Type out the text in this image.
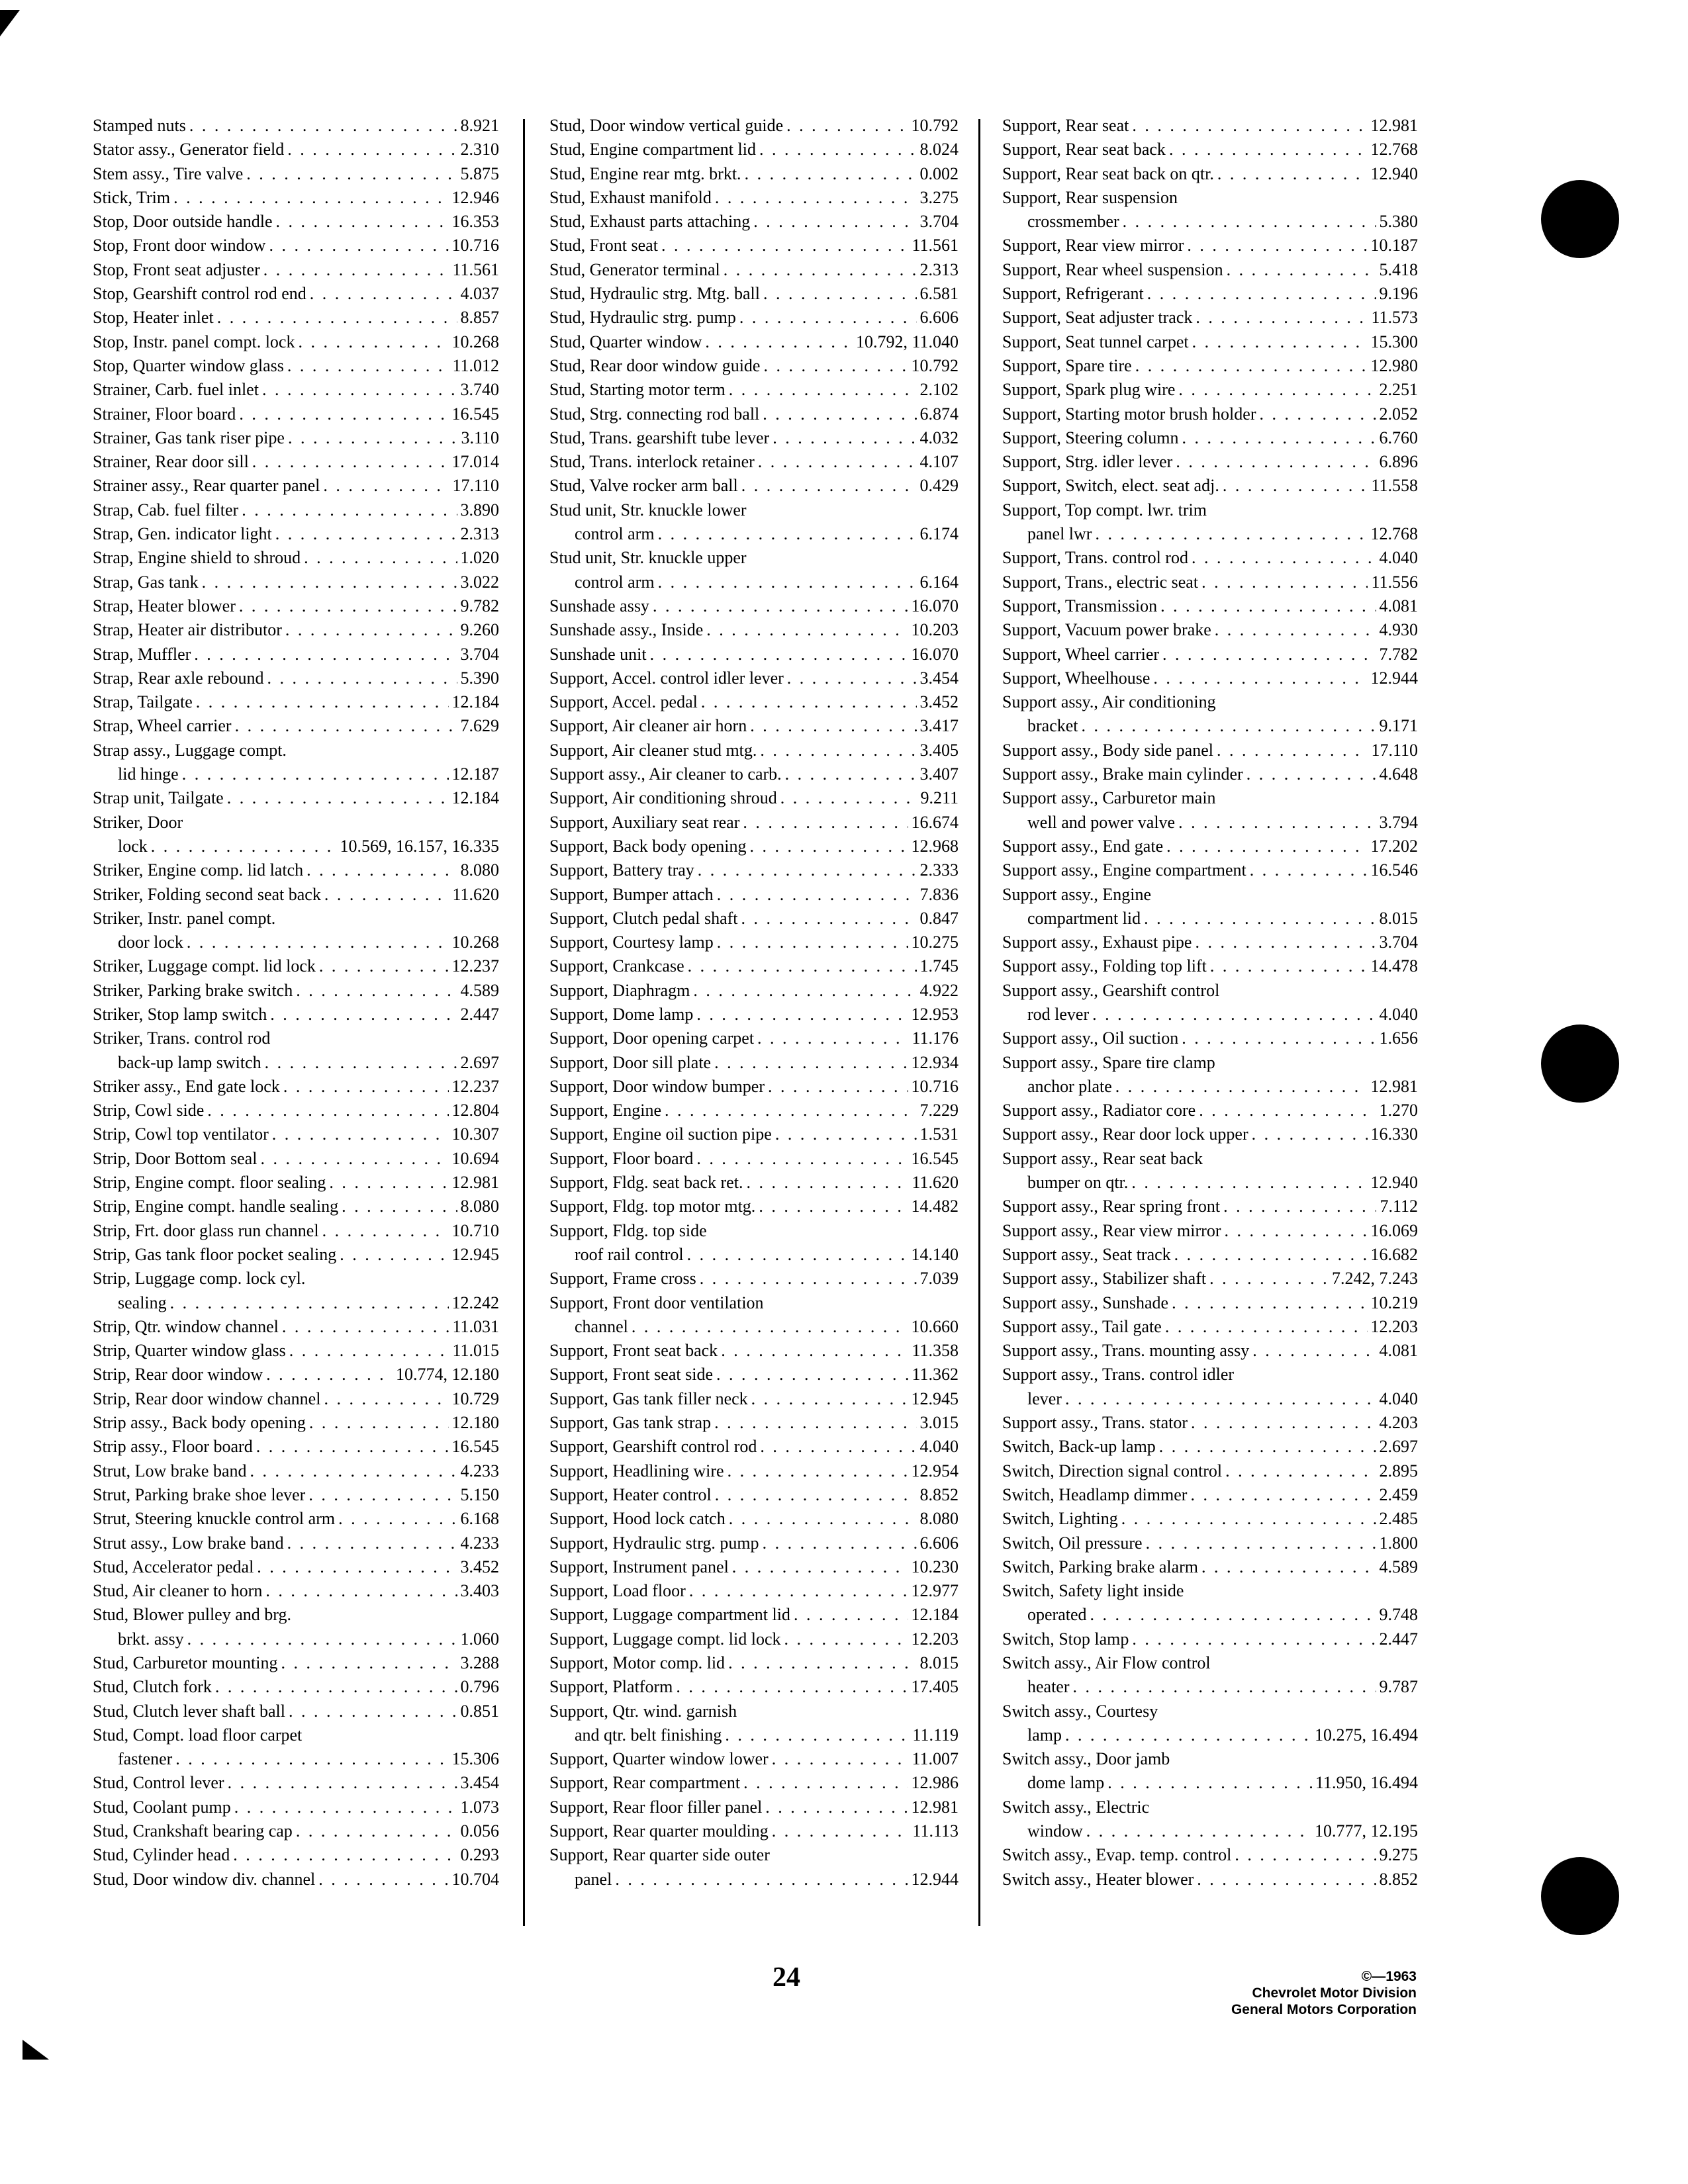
Stamped nuts . . .	8.921
Stator assy., Generator field . . .	2.310
Stem assy., Tire valve . . .	5.875
Stick, Trim . . .	12.946
Stop, Door outside handle . . .	16.353
Stop, Front door window . . .	10.716
Stop, Front seat adjuster . . .	11.561
Stop, Gearshift control rod end . . .	4.037
Stop, Heater inlet . . .	8.857
Stop, Instr. panel compt. lock . . .	10.268
Stop, Quarter window glass . . .	11.012
Strainer, Carb. fuel inlet . . .	3.740
Strainer, Floor board . . .	16.545
Strainer, Gas tank riser pipe . . .	3.110
Strainer, Rear door sill . . .	17.014
Strainer assy., Rear quarter panel . . .	17.110
Strap, Cab. fuel filter . . .	3.890
Strap, Gen. indicator light . . .	2.313
Strap, Engine shield to shroud . . .	1.020
Strap, Gas tank . . .	3.022
Strap, Heater blower . . .	9.782
Strap, Heater air distributor . . .	9.260
Strap, Muffler . . .	3.704
Strap, Rear axle rebound . . .	5.390
Strap, Tailgate . . .	12.184
Strap, Wheel carrier . . .	7.629
Strap assy., Luggage compt.
lid hinge . . .	12.187
Strap unit, Tailgate . . .	12.184
Striker, Door
lock . . .	10.569, 16.157, 16.335
Striker, Engine comp. lid latch . . .	8.080
Striker, Folding second seat back . . .	11.620
Striker, Instr. panel compt.
door lock . . .	10.268
Striker, Luggage compt. lid lock . . .	12.237
Striker, Parking brake switch . . .	4.589
Striker, Stop lamp switch . . .	2.447
Striker, Trans. control rod
back-up lamp switch . . .	2.697
Striker assy., End gate lock . . .	12.237
Strip, Cowl side . . .	12.804
Strip, Cowl top ventilator . . .	10.307
Strip, Door Bottom seal . . .	10.694
Strip, Engine compt. floor sealing . . .	12.981
Strip, Engine compt. handle sealing . . .	8.080
Strip, Frt. door glass run channel . . .	10.710
Strip, Gas tank floor pocket sealing . . .	12.945
Strip, Luggage comp. lock cyl.
sealing . . .	12.242
Strip, Qtr. window channel . . .	11.031
Strip, Quarter window glass . . .	11.015
Strip, Rear door window . . .	10.774, 12.180
Strip, Rear door window channel . . .	10.729
Strip assy., Back body opening . . .	12.180
Strip assy., Floor board . . .	16.545
Strut, Low brake band . . .	4.233
Strut, Parking brake shoe lever . . .	5.150
Strut, Steering knuckle control arm . . .	6.168
Strut assy., Low brake band . . .	4.233
Stud, Accelerator pedal . . .	3.452
Stud, Air cleaner to horn . . .	3.403
Stud, Blower pulley and brg.
brkt. assy . . .	1.060
Stud, Carburetor mounting . . .	3.288
Stud, Clutch fork . . .	0.796
Stud, Clutch lever shaft ball . . .	0.851
Stud, Compt. load floor carpet
fastener . . .	15.306
Stud, Control lever . . .	3.454
Stud, Coolant pump . . .	1.073
Stud, Crankshaft bearing cap . . .	0.056
Stud, Cylinder head . . .	0.293
Stud, Door window div. channel . . .	10.704
Stud, Door window vertical guide . . .	10.792
Stud, Engine compartment lid . . .	8.024
Stud, Engine rear mtg. brkt. . . .	0.002
Stud, Exhaust manifold . . .	3.275
Stud, Exhaust parts attaching . . .	3.704
Stud, Front seat . . .	11.561
Stud, Generator terminal . . .	2.313
Stud, Hydraulic strg. Mtg. ball . . .	6.581
Stud, Hydraulic strg. pump . . .	6.606
Stud, Quarter window . . .	10.792, 11.040
Stud, Rear door window guide . . .	10.792
Stud, Starting motor term . . .	2.102
Stud, Strg. connecting rod ball . . .	6.874
Stud, Trans. gearshift tube lever . . .	4.032
Stud, Trans. interlock retainer . . .	4.107
Stud, Valve rocker arm ball . . .	0.429
Stud unit, Str. knuckle lower
control arm . . .	6.174
Stud unit, Str. knuckle upper
control arm . . .	6.164
Sunshade assy . . .	16.070
Sunshade assy., Inside . . .	10.203
Sunshade unit . . .	16.070
Support, Accel. control idler lever . . .	3.454
Support, Accel. pedal . . .	3.452
Support, Air cleaner air horn . . .	3.417
Support, Air cleaner stud mtg. . . .	3.405
Support assy., Air cleaner to carb. . . .	3.407
Support, Air conditioning shroud . . .	9.211
Support, Auxiliary seat rear . . .	16.674
Support, Back body opening . . .	12.968
Support, Battery tray . . .	2.333
Support, Bumper attach . . .	7.836
Support, Clutch pedal shaft . . .	0.847
Support, Courtesy lamp . . .	10.275
Support, Crankcase . . .	1.745
Support, Diaphragm . . .	4.922
Support, Dome lamp . . .	12.953
Support, Door opening carpet . . .	11.176
Support, Door sill plate . . .	12.934
Support, Door window bumper . . .	10.716
Support, Engine . . .	7.229
Support, Engine oil suction pipe . . .	1.531
Support, Floor board . . .	16.545
Support, Fldg. seat back ret. . . .	11.620
Support, Fldg. top motor mtg. . . .	14.482
Support, Fldg. top side
roof rail control . . .	14.140
Support, Frame cross . . .	7.039
Support, Front door ventilation
channel . . .	10.660
Support, Front seat back . . .	11.358
Support, Front seat side . . .	11.362
Support, Gas tank filler neck . . .	12.945
Support, Gas tank strap . . .	3.015
Support, Gearshift control rod . . .	4.040
Support, Headlining wire . . .	12.954
Support, Heater control . . .	8.852
Support, Hood lock catch . . .	8.080
Support, Hydraulic strg. pump . . .	6.606
Support, Instrument panel . . .	10.230
Support, Load floor . . .	12.977
Support, Luggage compartment lid . . .	12.184
Support, Luggage compt. lid lock . . .	12.203
Support, Motor comp. lid . . .	8.015
Support, Platform . . .	17.405
Support, Qtr. wind. garnish
and qtr. belt finishing . . .	11.119
Support, Quarter window lower . . .	11.007
Support, Rear compartment . . .	12.986
Support, Rear floor filler panel . . .	12.981
Support, Rear quarter moulding . . .	11.113
Support, Rear quarter side outer
panel . . .	12.944
Support, Rear seat . . .	12.981
Support, Rear seat back . . .	12.768
Support, Rear seat back on qtr. . . .	12.940
Support, Rear suspension
crossmember . . .	5.380
Support, Rear view mirror . . .	10.187
Support, Rear wheel suspension . . .	5.418
Support, Refrigerant . . .	9.196
Support, Seat adjuster track . . .	11.573
Support, Seat tunnel carpet . . .	15.300
Support, Spare tire . . .	12.980
Support, Spark plug wire . . .	2.251
Support, Starting motor brush holder . . .	2.052
Support, Steering column . . .	6.760
Support, Strg. idler lever . . .	6.896
Support, Switch, elect. seat adj. . . .	11.558
Support, Top compt. lwr. trim
panel lwr . . .	12.768
Support, Trans. control rod . . .	4.040
Support, Trans., electric seat . . .	11.556
Support, Transmission . . .	4.081
Support, Vacuum power brake . . .	4.930
Support, Wheel carrier . . .	7.782
Support, Wheelhouse . . .	12.944
Support assy., Air conditioning
bracket . . .	9.171
Support assy., Body side panel . . .	17.110
Support assy., Brake main cylinder . . .	4.648
Support assy., Carburetor main
well and power valve . . .	3.794
Support assy., End gate . . .	17.202
Support assy., Engine compartment . . .	16.546
Support assy., Engine
compartment lid . . .	8.015
Support assy., Exhaust pipe . . .	3.704
Support assy., Folding top lift . . .	14.478
Support assy., Gearshift control
rod lever . . .	4.040
Support assy., Oil suction . . .	1.656
Support assy., Spare tire clamp
anchor plate . . .	12.981
Support assy., Radiator core . . .	1.270
Support assy., Rear door lock upper . . .	16.330
Support assy., Rear seat back
bumper on qtr. . . .	12.940
Support assy., Rear spring front . . .	7.112
Support assy., Rear view mirror . . .	16.069
Support assy., Seat track . . .	16.682
Support assy., Stabilizer shaft . . .	7.242, 7.243
Support assy., Sunshade . . .	10.219
Support assy., Tail gate . . .	12.203
Support assy., Trans. mounting assy . . .	4.081
Support assy., Trans. control idler
lever . . .	4.040
Support assy., Trans. stator . . .	4.203
Switch, Back-up lamp . . .	2.697
Switch, Direction signal control . . .	2.895
Switch, Headlamp dimmer . . .	2.459
Switch, Lighting . . .	2.485
Switch, Oil pressure . . .	1.800
Switch, Parking brake alarm . . .	4.589
Switch, Safety light inside
operated . . .	9.748
Switch, Stop lamp . . .	2.447
Switch assy., Air Flow control
heater . . .	9.787
Switch assy., Courtesy
lamp . . .	10.275, 16.494
Switch assy., Door jamb
dome lamp . . .	11.950, 16.494
Switch assy., Electric
window . . .	10.777, 12.195
Switch assy., Evap. temp. control . . .	9.275
Switch assy., Heater blower . . .	8.852
24	©—1963
Chevrolet Motor Division
General Motors Corporation
